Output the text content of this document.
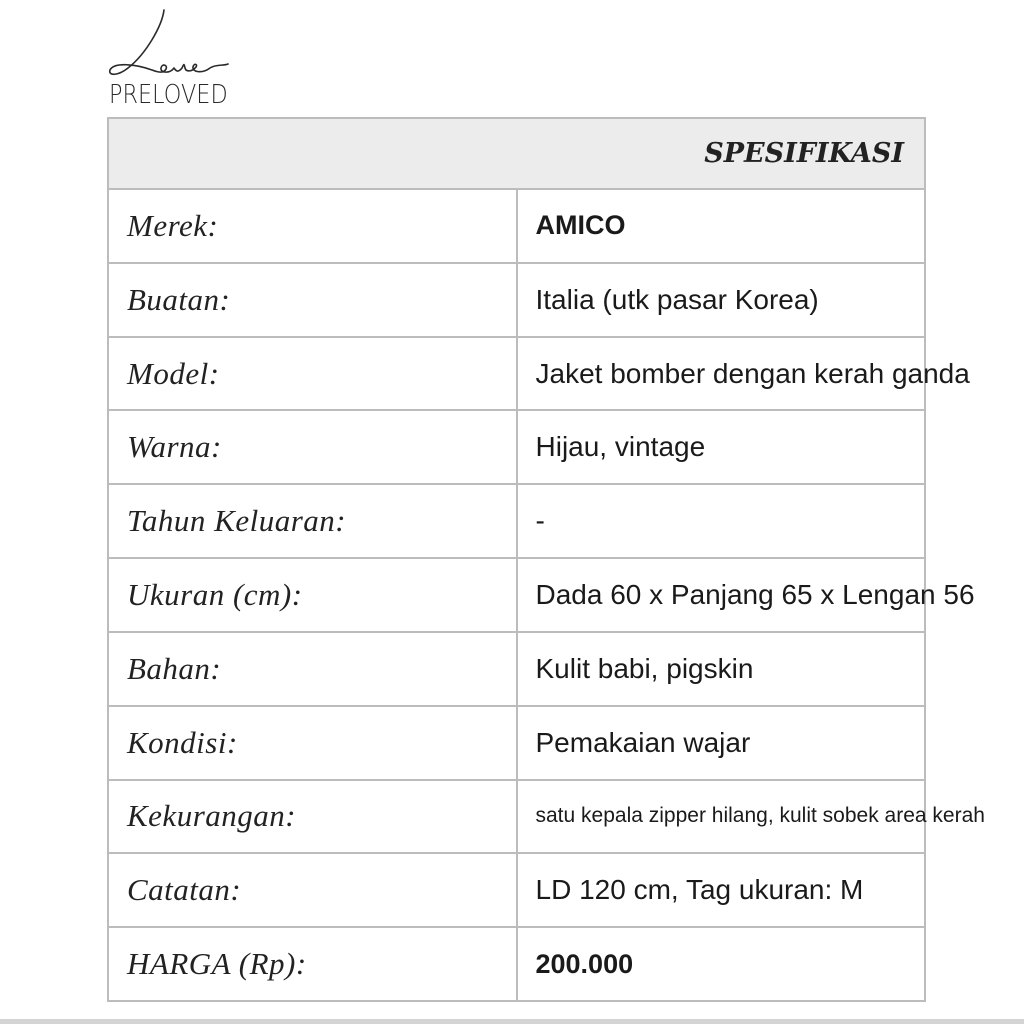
PRELOVED
SPESIFIKASI	
Merek:	AMICO
Buatan:	Italia (utk pasar Korea)
Model:	Jaket bomber dengan kerah ganda
Warna:	Hijau, vintage
Tahun Keluaran:	-
Ukuran (cm):	Dada 60 x Panjang 65 x Lengan 56
Bahan:	Kulit babi, pigskin
Kondisi:	Pemakaian wajar
Kekurangan:	satu kepala zipper hilang, kulit sobek area kerah
Catatan:	LD 120 cm, Tag ukuran: M
HARGA (Rp):	200.000
